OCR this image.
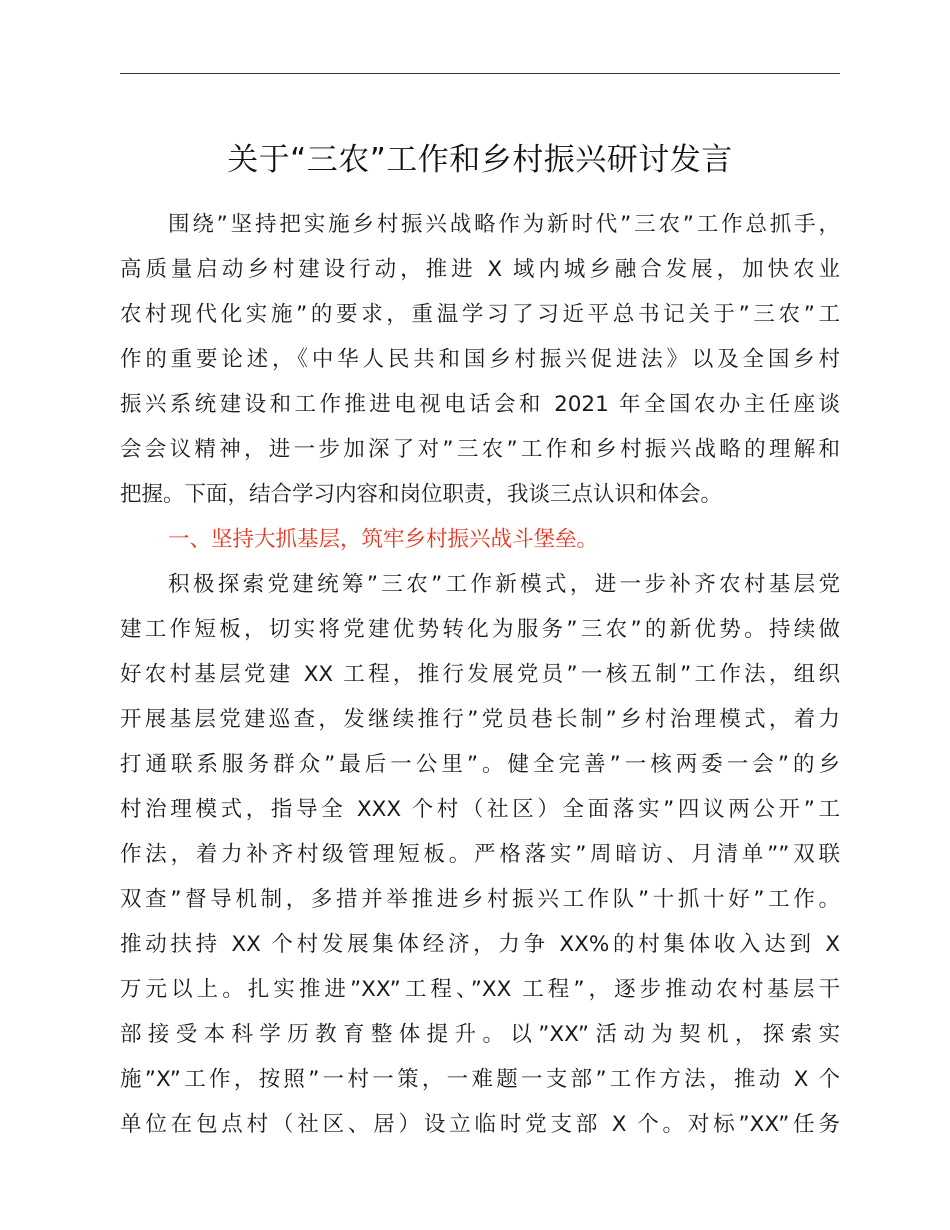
关于“三农”工作和乡村振兴研讨发言
围绕”坚持把实施乡村振兴战略作为新时代”三农”工作总抓手，
高质量启动乡村建设行动，推进 X 域内城乡融合发展，加快农业
农村现代化实施”的要求，重温学习了习近平总书记关于”三农”工
作的重要论述，《中华人民共和国乡村振兴促进法》以及全国乡村
振兴系统建设和工作推进电视电话会和 2021 年全国农办主任座谈
会会议精神，进一步加深了对”三农”工作和乡村振兴战略的理解和
把握。下面，结合学习内容和岗位职责，我谈三点认识和体会。
一、坚持大抓基层，筑牢乡村振兴战斗堡垒。
积极探索党建统筹”三农”工作新模式，进一步补齐农村基层党
建工作短板，切实将党建优势转化为服务”三农”的新优势。持续做
好农村基层党建 XX 工程，推行发展党员”一核五制”工作法，组织
开展基层党建巡查，发继续推行”党员巷长制”乡村治理模式，着力
打通联系服务群众”最后一公里”。健全完善”一核两委一会”的乡
村治理模式，指导全 XXX 个村（社区）全面落实”四议两公开”工
作法，着力补齐村级管理短板。严格落实”周暗访、月清单””双联
双查”督导机制，多措并举推进乡村振兴工作队”十抓十好”工作。
推动扶持 XX 个村发展集体经济，力争 XX%的村集体收入达到 X
万元以上。扎实推进”XX”工程、”XX 工程”，逐步推动农村基层干
部接受本科学历教育整体提升。以”XX”活动为契机，探索实
施”X”工作，按照”一村一策，一难题一支部”工作方法，推动 X 个
单位在包点村（社区、居）设立临时党支部 X 个。对标”XX”任务
